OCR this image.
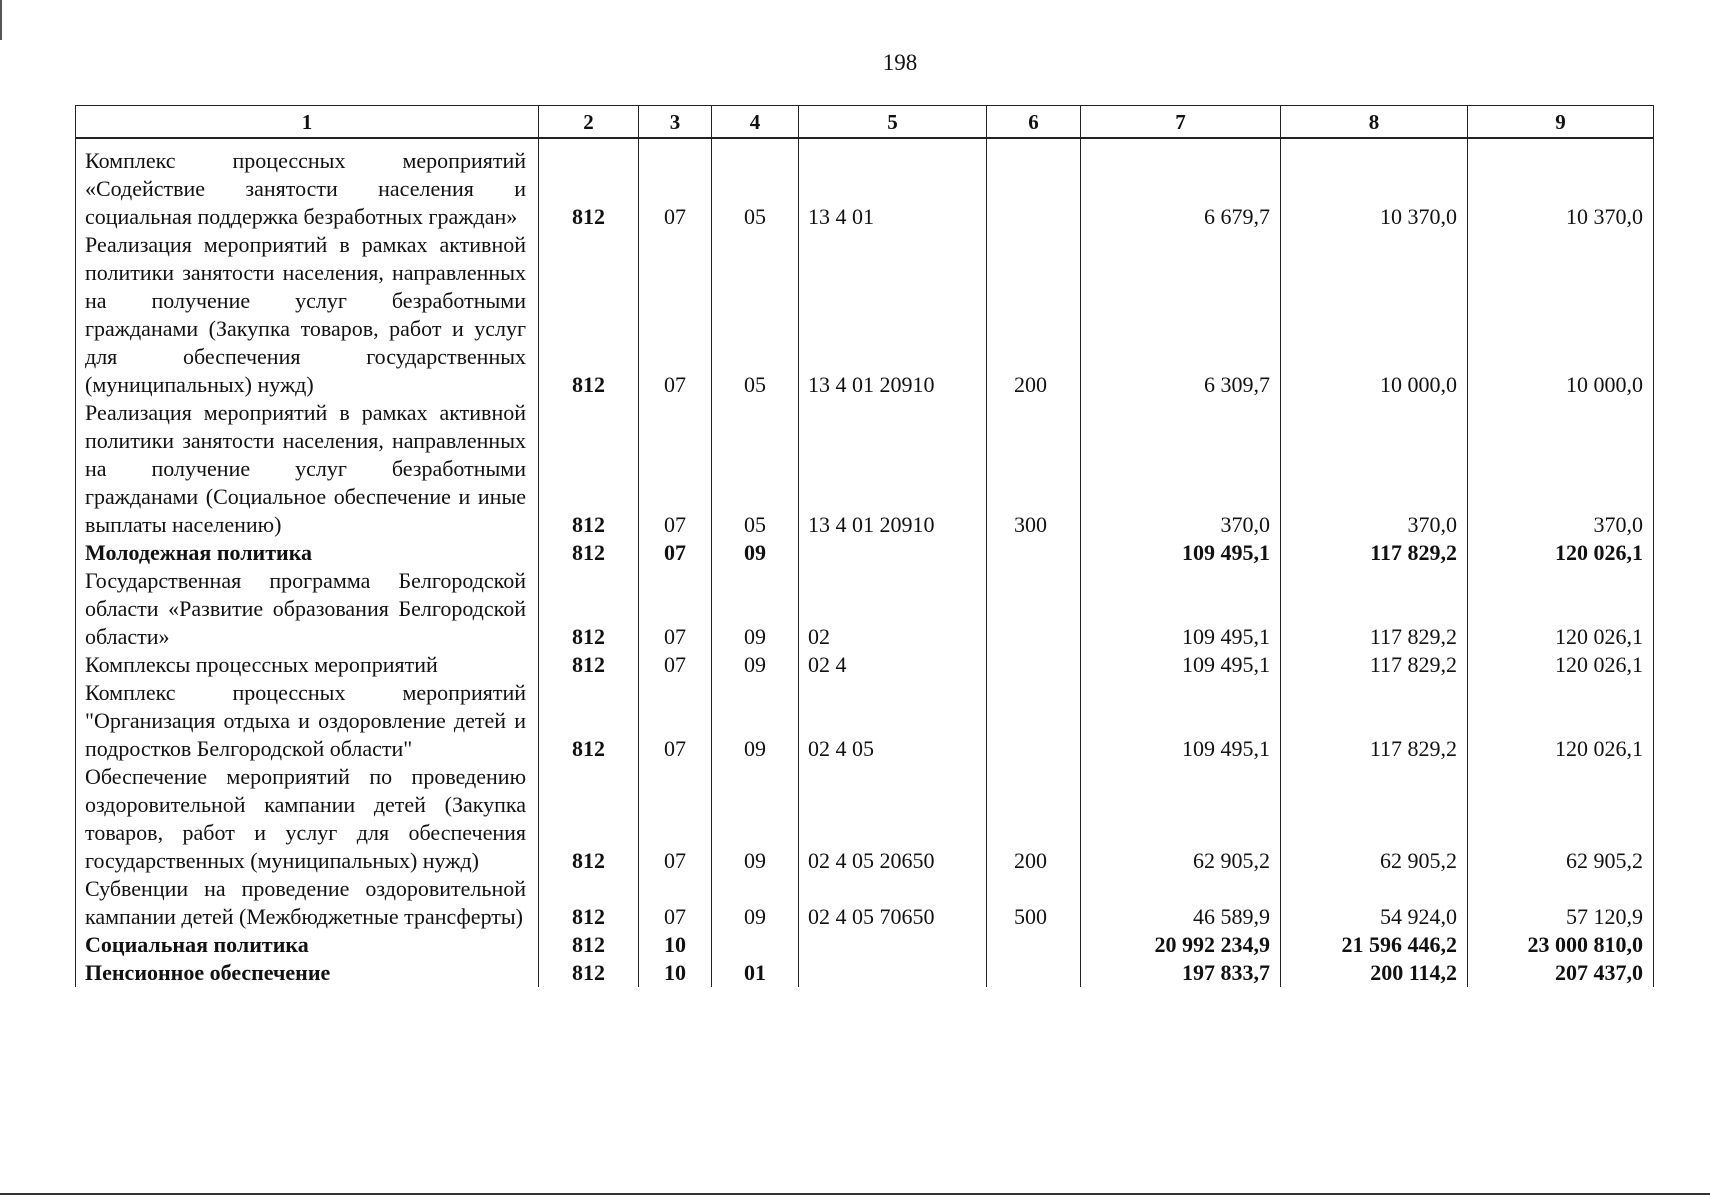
198
1	2	3	4	5	6	7	8	9
Комплекс процессных мероприятий «Содействие занятости населения и социальная поддержка безработных граждан»	812	07	05	13 4 01		6 679,7	10 370,0	10 370,0
Реализация мероприятий в рамках активной политики занятости населения, направленных на получение услуг безработными гражданами (Закупка товаров, работ и услуг для обеспечения государственных (муниципальных) нужд)	812	07	05	13 4 01 20910	200	6 309,7	10 000,0	10 000,0
Реализация мероприятий в рамках активной политики занятости населения, направленных на получение услуг безработными гражданами (Социальное обеспечение и иные выплаты населению)	812	07	05	13 4 01 20910	300	370,0	370,0	370,0
Молодежная политика	812	07	09			109 495,1	117 829,2	120 026,1
Государственная программа Белгородской области «Развитие образования Белгородской области»	812	07	09	02		109 495,1	117 829,2	120 026,1
Комплексы процессных мероприятий	812	07	09	02 4		109 495,1	117 829,2	120 026,1
Комплекс процессных мероприятий "Организация отдыха и оздоровление детей и подростков Белгородской области"	812	07	09	02 4 05		109 495,1	117 829,2	120 026,1
Обеспечение мероприятий по проведению оздоровительной кампании детей (Закупка товаров, работ и услуг для обеспечения государственных (муниципальных) нужд)	812	07	09	02 4 05 20650	200	62 905,2	62 905,2	62 905,2
Субвенции на проведение оздоровительной кампании детей (Межбюджетные трансферты)	812	07	09	02 4 05 70650	500	46 589,9	54 924,0	57 120,9
Социальная политика	812	10				20 992 234,9	21 596 446,2	23 000 810,0
Пенсионное обеспечение	812	10	01			197 833,7	200 114,2	207 437,0
